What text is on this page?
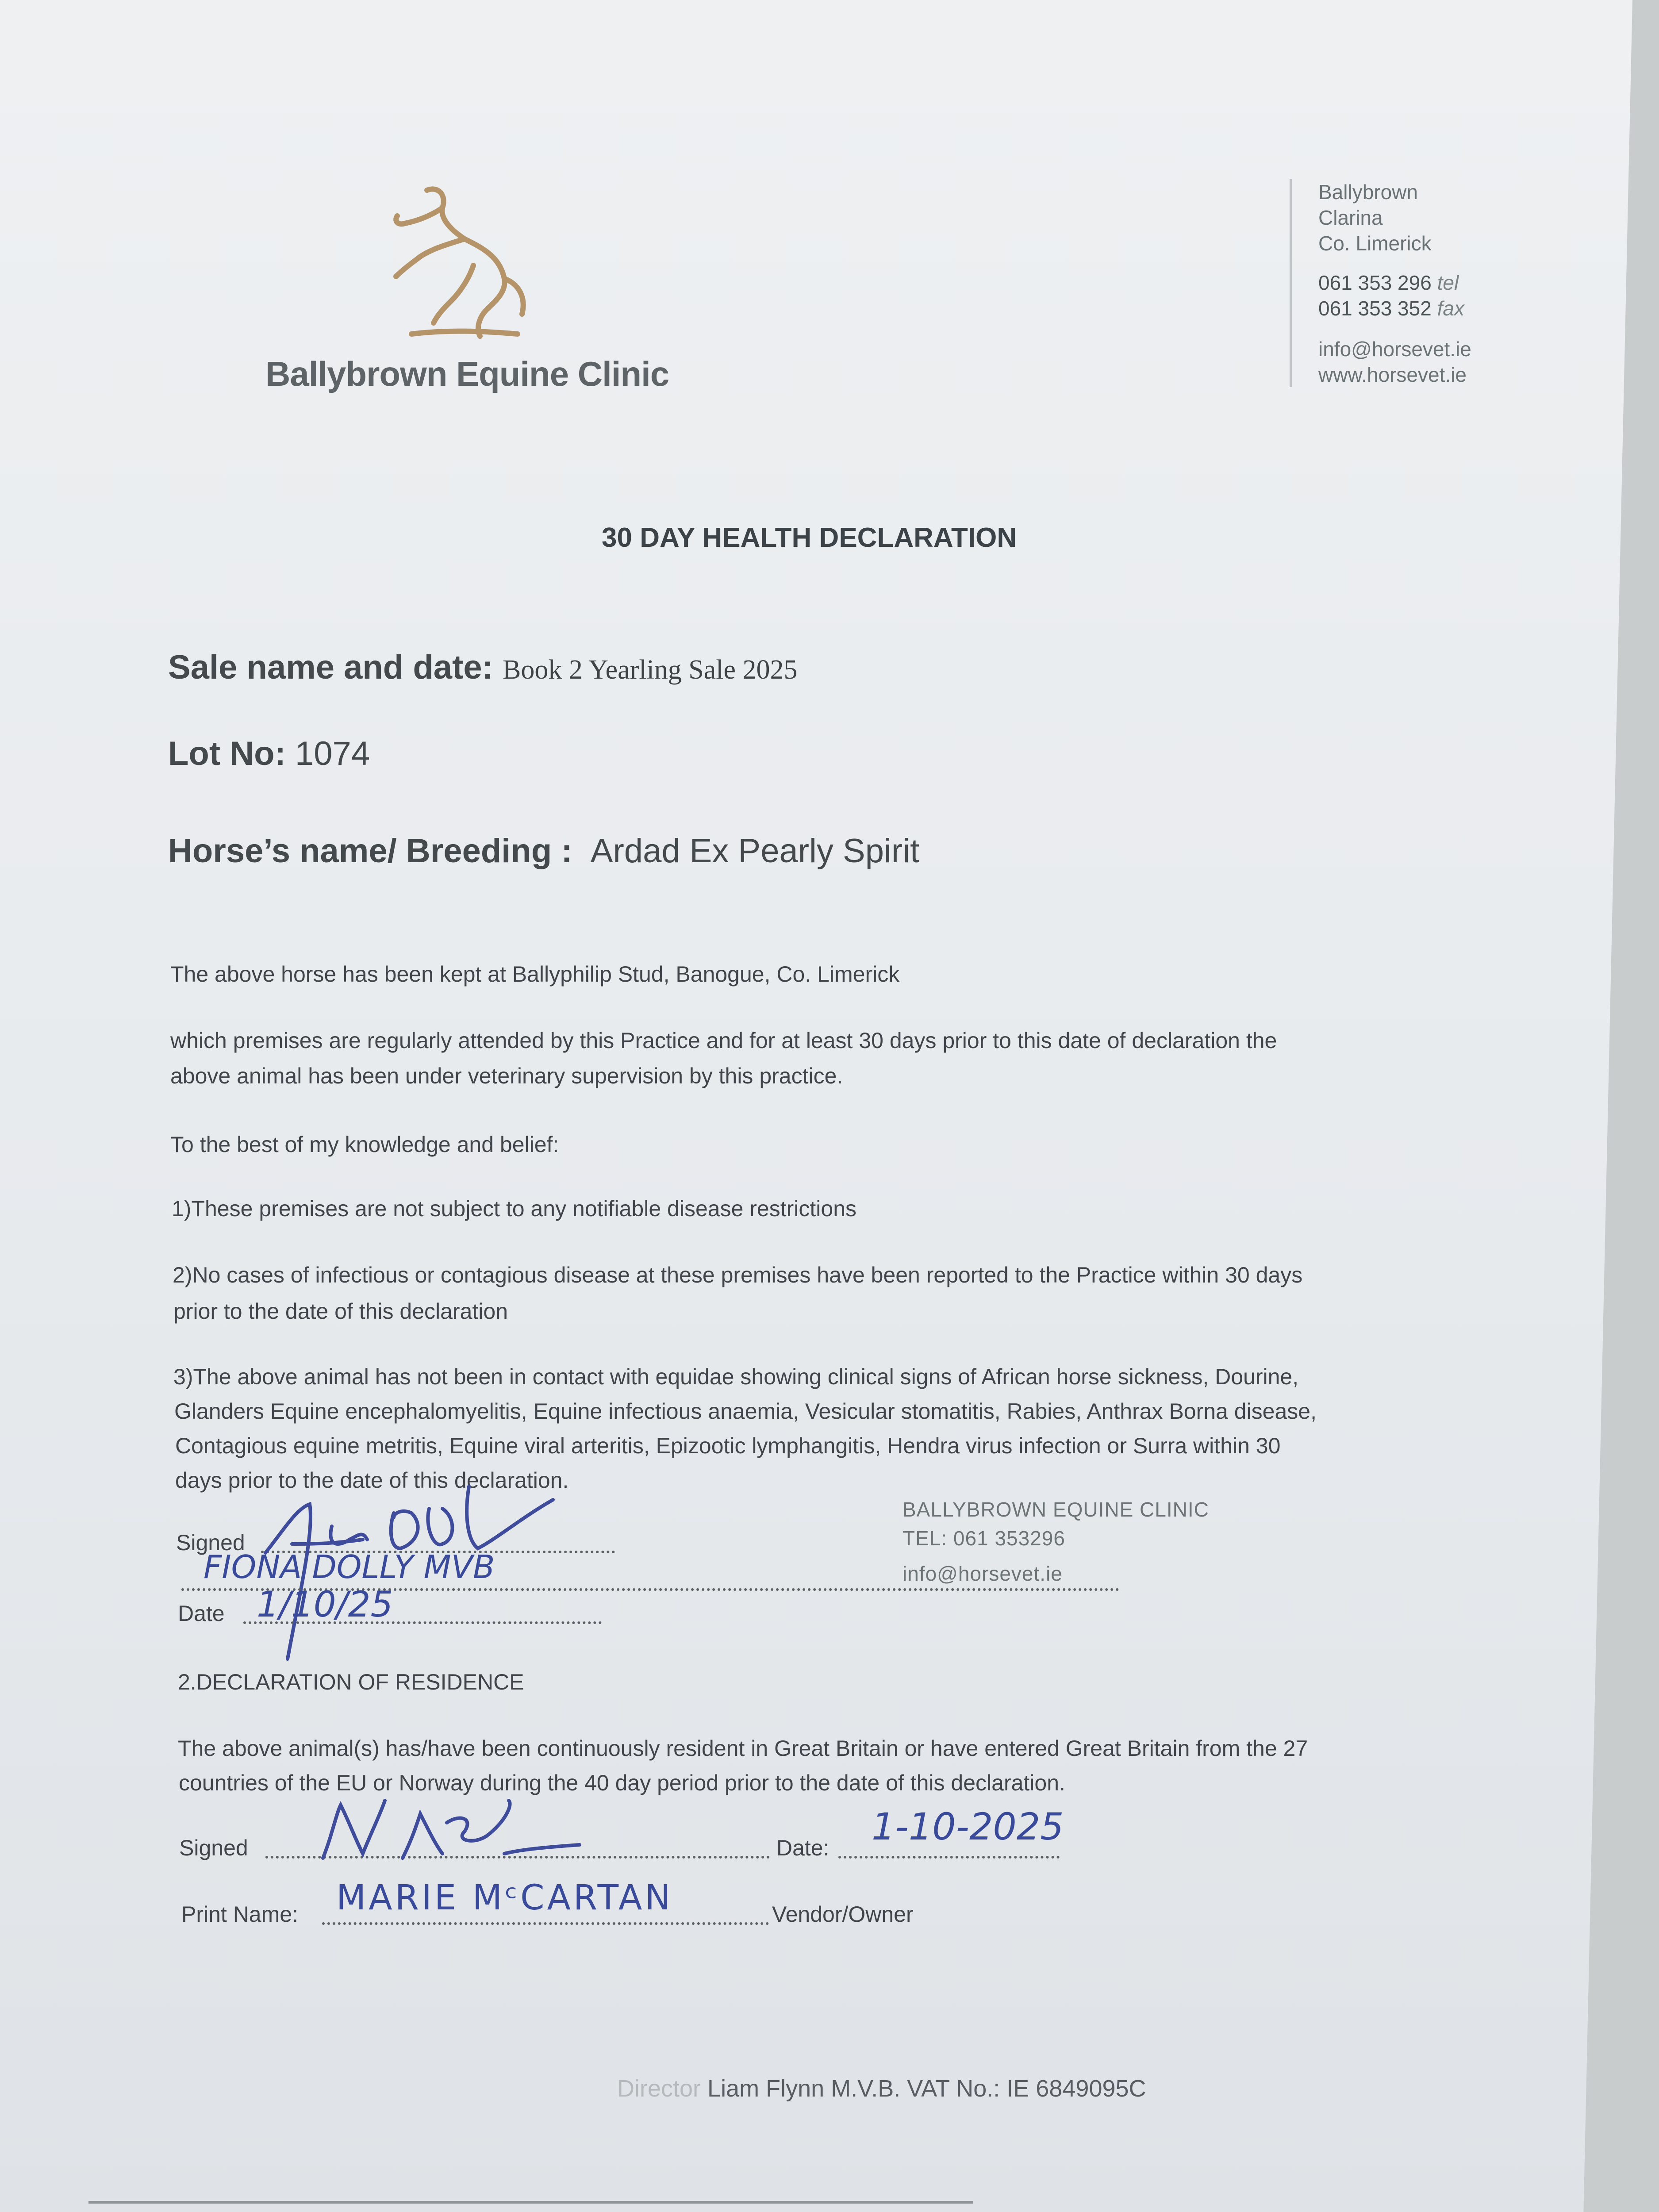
Ballybrown Equine Clinic
Ballybrown
Clarina
Co. Limerick
061 353 296 tel
061 353 352 fax
info@horsevet.ie
www.horsevet.ie
30 DAY HEALTH DECLARATION
Sale name and date: Book 2 Yearling Sale 2025
Lot No: 1074
Horse’s name/ Breeding : Ardad Ex Pearly Spirit
The above horse has been kept at Ballyphilip Stud, Banogue, Co. Limerick
which premises are regularly attended by this Practice and for at least 30 days prior to this date of declaration the
above animal has been under veterinary supervision by this practice.
To the best of my knowledge and belief:
1)These premises are not subject to any notifiable disease restrictions
2)No cases of infectious or contagious disease at these premises have been reported to the Practice within 30 days
prior to the date of this declaration
3)The above animal has not been in contact with equidae showing clinical signs of African horse sickness, Dourine,
Glanders Equine encephalomyelitis, Equine infectious anaemia, Vesicular stomatitis, Rabies, Anthrax Borna disease,
Contagious equine metritis, Equine viral arteritis, Epizootic lymphangitis, Hendra virus infection or Surra within 30
days prior to the date of this declaration.
Signed
FIONA DOLLY MVB
Date 1/10/25
BALLYBROWN EQUINE CLINIC
TEL: 061 353296
info@horsevet.ie
2.DECLARATION OF RESIDENCE
The above animal(s) has/have been continuously resident in Great Britain or have entered Great Britain from the 27
countries of the EU or Norway during the 40 day period prior to the date of this declaration.
Signed	Date: 1-10-2025
Print Name: MARIE MᶜCARTAN	Vendor/Owner
Director Liam Flynn M.V.B. VAT No.: IE 6849095C
